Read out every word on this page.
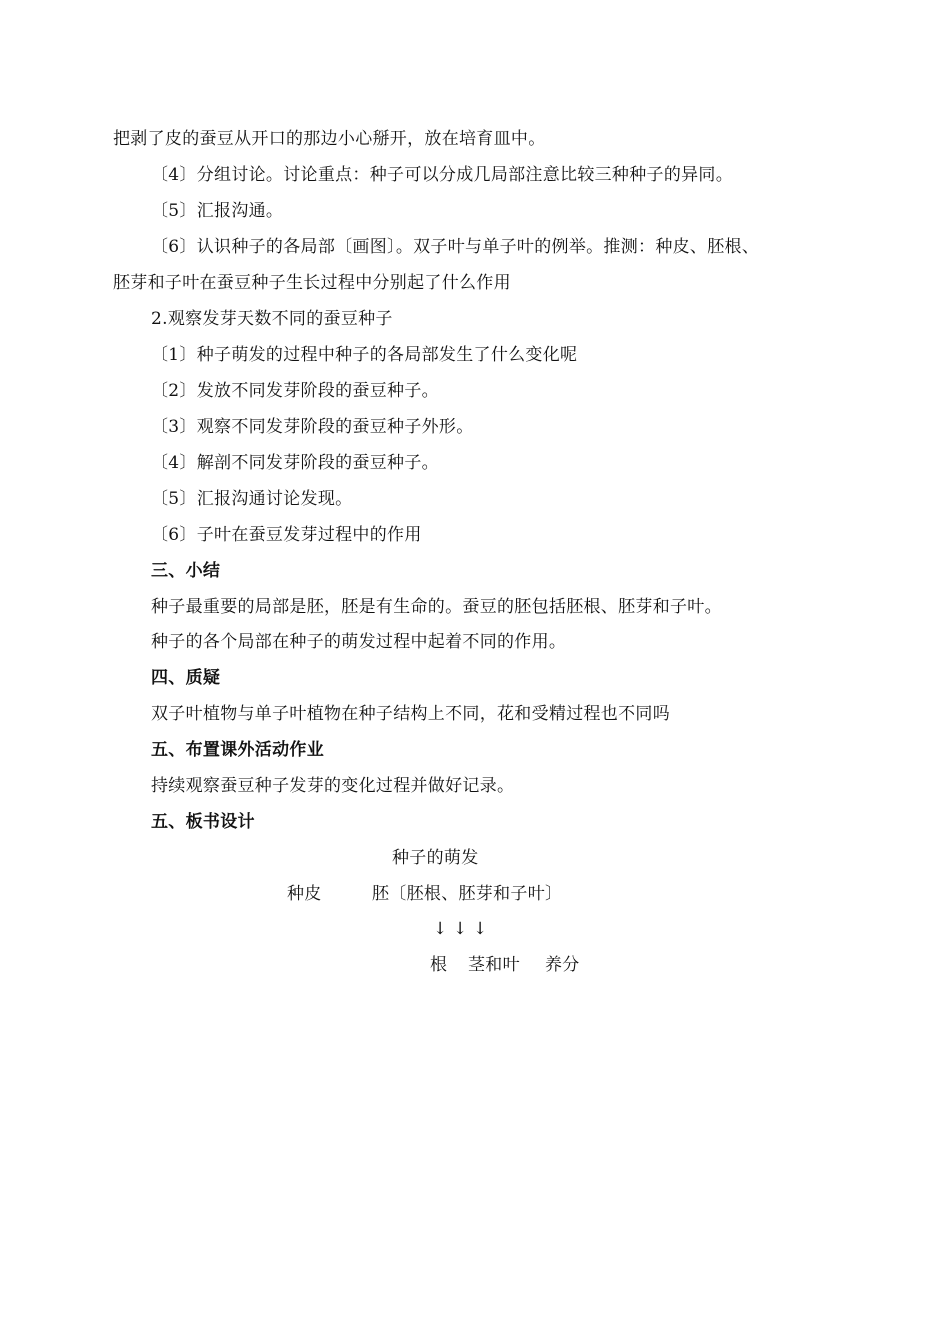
把剥了皮的蚕豆从开口的那边小心掰开，放在培育皿中。
〔4〕分组讨论。讨论重点：种子可以分成几局部注意比较三种种子的异同。
〔5〕汇报沟通。
〔6〕认识种子的各局部〔画图〕。双子叶与单子叶的例举。推测：种皮、胚根、
胚芽和子叶在蚕豆种子生长过程中分别起了什么作用
2.观察发芽天数不同的蚕豆种子
〔1〕种子萌发的过程中种子的各局部发生了什么变化呢
〔2〕发放不同发芽阶段的蚕豆种子。
〔3〕观察不同发芽阶段的蚕豆种子外形。
〔4〕解剖不同发芽阶段的蚕豆种子。
〔5〕汇报沟通讨论发现。
〔6〕子叶在蚕豆发芽过程中的作用
三、小结
种子最重要的局部是胚，胚是有生命的。蚕豆的胚包括胚根、胚芽和子叶。
种子的各个局部在种子的萌发过程中起着不同的作用。
四、质疑
双子叶植物与单子叶植物在种子结构上不同，花和受精过程也不同吗
五、布置课外活动作业
持续观察蚕豆种子发芽的变化过程并做好记录。
五、板书设计
种子的萌发
种皮	胚〔胚根、胚芽和子叶〕
↓ ↓ ↓
根 茎和叶 养分
